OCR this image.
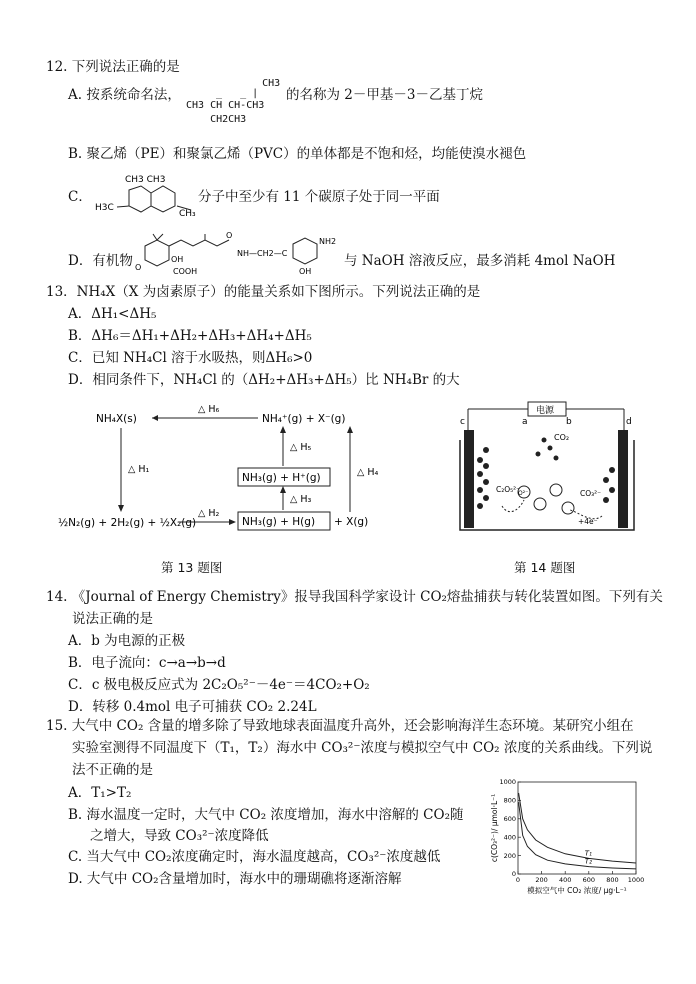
12. 下列说法正确的是
A. 按系统命名法，
CH3
_   _ |
CH3 CH CH-CH3
CH2CH3
的名称为 2－甲基－3－乙基丁烷
B. 聚乙烯（PE）和聚氯乙烯（PVC）的单体都是不饱和烃，均能使溴水褪色
C．
CH3 CH3
H3C
CH₃
分子中至少有 11 个碳原子处于同一平面
D．有机物 O
OH
COOH
O
NH—CH2—C
OH
NH2
与 NaOH 溶液反应，最多消耗 4mol NaOH
13．NH₄X（X 为卤素原子）的能量关系如下图所示。下列说法正确的是
A．ΔH₁<ΔH₅
B．ΔH₆＝ΔH₁+ΔH₂+ΔH₃+ΔH₄+ΔH₅
C．已知 NH₄Cl 溶于水吸热，则ΔH₆>0
D．相同条件下，NH₄Cl 的（ΔH₂+ΔH₃+ΔH₅）比 NH₄Br 的大
NH₄X(s)	NH₄⁺(g) + X⁻(g)
△ H₆
△ H₁
½N₂(g) + 2H₂(g) + ½X₂(g)
△ H₂
NH₃(g) + H(g) + X(g)
△ H₃
NH₃(g) + H⁺(g)
△ H₅
△ H₄
第 13 题图
电源
a	b
c	d
CO₂
C₂O₅²⁻	CO₃²⁻
+4e⁻
O²⁻
第 14 题图
14. 《Journal of Energy Chemistry》报导我国科学家设计 CO₂熔盐捕获与转化装置如图。下列有关
说法正确的是
A．b 为电源的正极
B．电子流向：c→a→b→d
C．c 极电极反应式为 2C₂O₅²⁻－4e⁻＝4CO₂+O₂
D．转移 0.4mol 电子可捕获 CO₂ 2.24L
15. 大气中 CO₂ 含量的增多除了导致地球表面温度升高外，还会影响海洋生态环境。某研究小组在
实验室测得不同温度下（T₁，T₂）海水中 CO₃²⁻浓度与模拟空气中 CO₂ 浓度的关系曲线。下列说
法不正确的是
A．T₁>T₂
B. 海水温度一定时，大气中 CO₂ 浓度增加，海水中溶解的 CO₂随
之增大，导致 CO₃²⁻浓度降低
C. 当大气中 CO₂浓度确定时，海水温度越高，CO₃²⁻浓度越低
D. 大气中 CO₂含量增加时，海水中的珊瑚礁将逐渐溶解
c(CO₃²⁻)/ μmol·L⁻¹
模拟空气中 CO₂ 浓度/ μg·L⁻¹
0 200 400 600 800 1000
0
200
400
600
800
1000
T₁
T₂
